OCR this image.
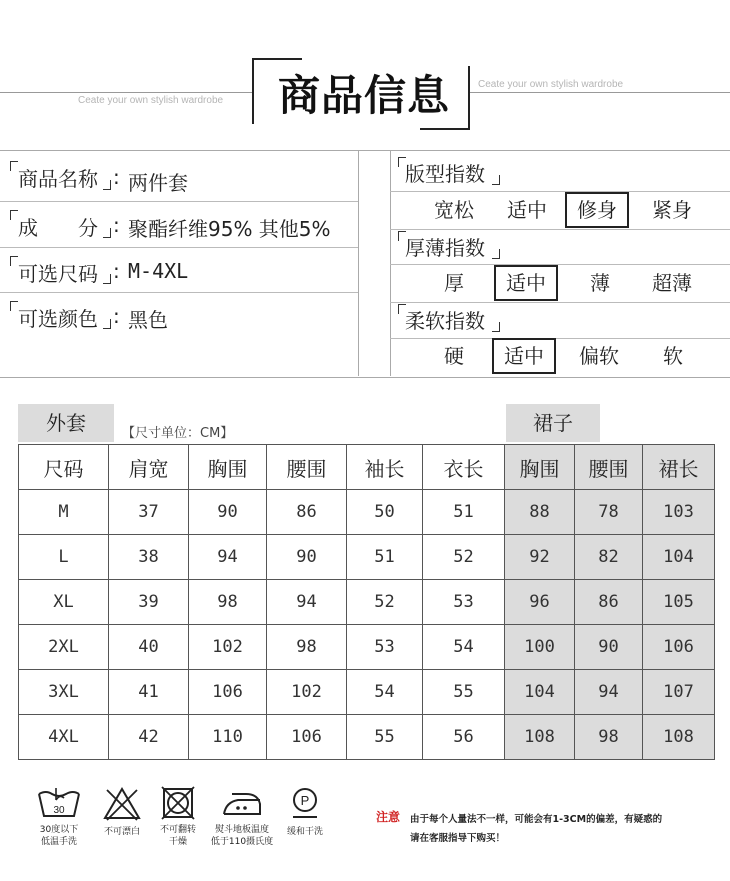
Ceate your own stylish wardrobe
Ceate your own stylish wardrobe
商品信息
商品名称 : 两件套
成　　分 : 聚酯纤维95% 其他5%
可选尺码 : M-4XL
可选颜色 : 黑色
版型指数
宽松	适中	修身	紧身
厚薄指数
厚	适中	薄	超薄
柔软指数
硬	适中	偏软	软
外套	【尺寸单位：CM】	裙子
尺码	肩宽	胸围	腰围	袖长	衣长	胸围	腰围	裙长
M	37	90	86	50	51	88	78	103
L	38	94	90	51	52	92	82	104
XL	39	98	94	52	53	96	86	105
2XL	40	102	98	53	54	100	90	106
3XL	41	106	102	54	55	104	94	107
4XL	42	110	106	55	56	108	98	108
30
30度以下
低温手洗
不可漂白	不可翻转
干燥
熨斗地板温度
低于110摄氏度
P
缓和干洗
注意 由于每个人量法不一样，可能会有1-3CM的偏差，有疑惑的
请在客服指导下购买！
